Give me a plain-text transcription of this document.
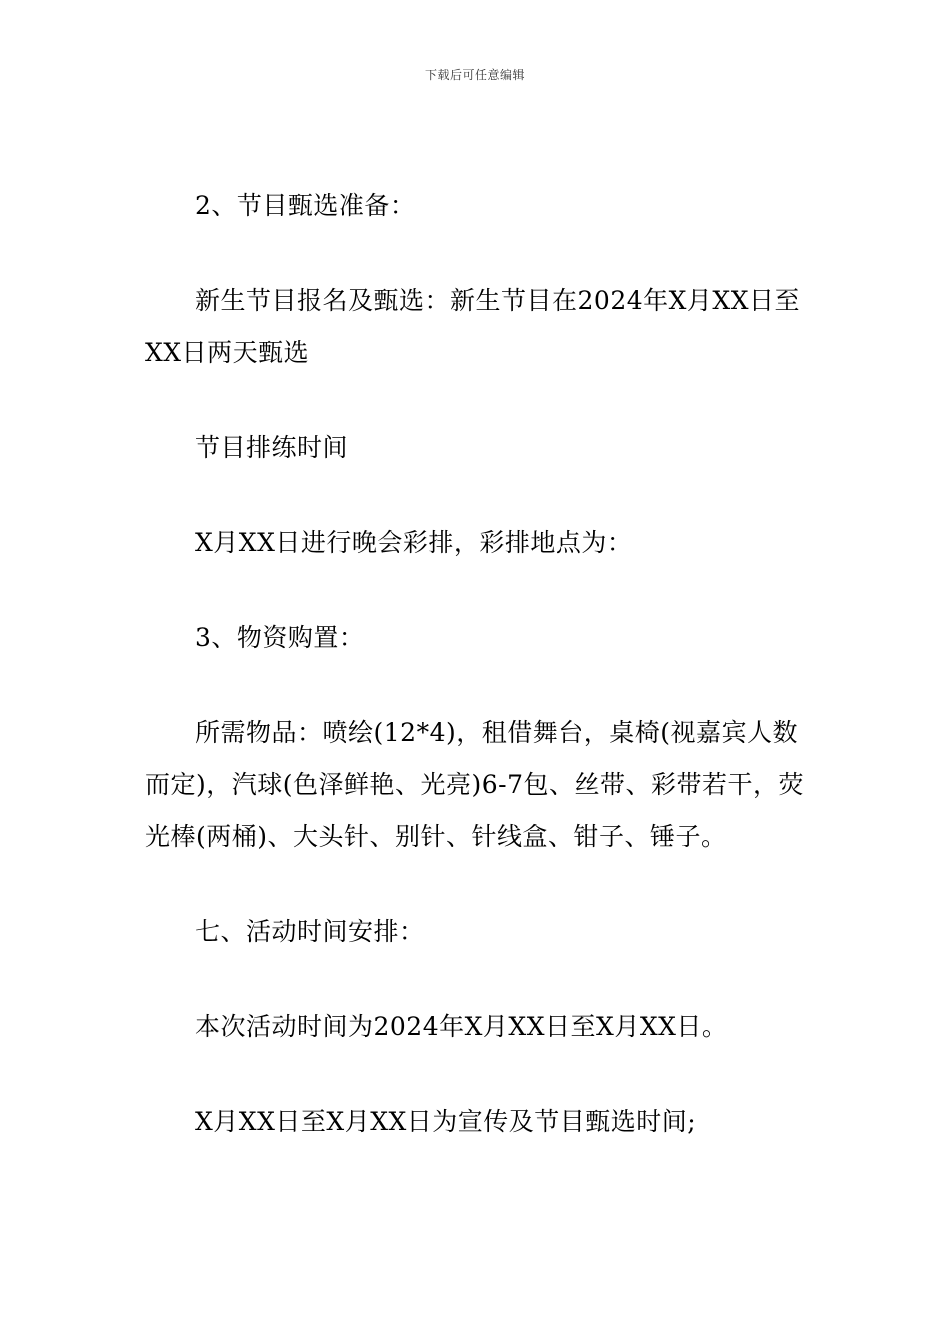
下载后可任意编辑

2、节目甄选准备：

新生节目报名及甄选：新生节目在2024年X月XX日至XX日两天甄选

节目排练时间

X月XX日进行晚会彩排，彩排地点为：

3、物资购置：

所需物品：喷绘(12*4)，租借舞台，桌椅(视嘉宾人数而定)，汽球(色泽鲜艳、光亮)6-7包、丝带、彩带若干，荧光棒(两桶)、大头针、别针、针线盒、钳子、锤子。

七、活动时间安排：

本次活动时间为2024年X月XX日至X月XX日。

X月XX日至X月XX日为宣传及节目甄选时间;
